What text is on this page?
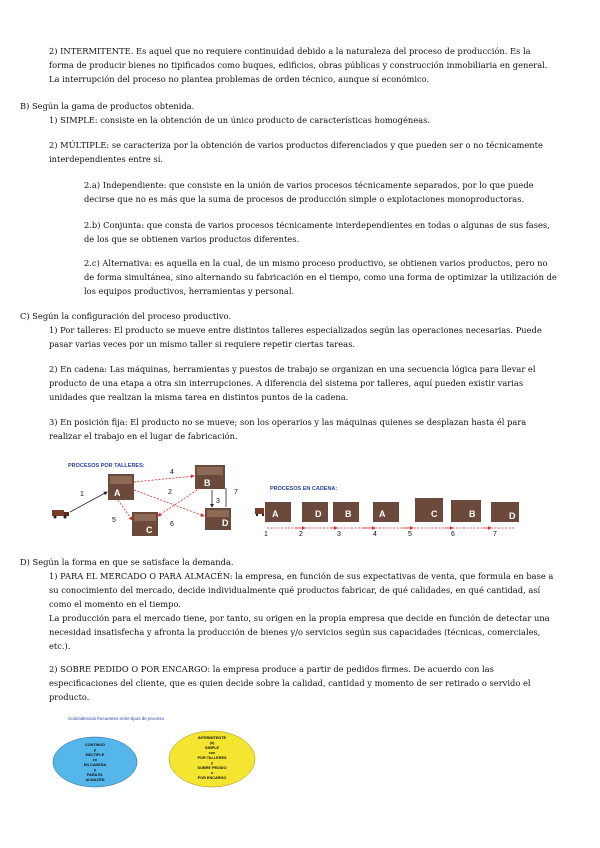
2) INTERMITENTE. Es aquel que no requiere continuidad debido a la naturaleza del proceso de producción. Es la
forma de producir bienes no tipificados como buques, edificios, obras públicas y construcción inmobiliaria en general.
La interrupción del proceso no plantea problemas de orden técnico, aunque sí económico.

B) Según la gama de productos obtenida.

1) SIMPLE: consiste en la obtención de un único producto de características homogéneas.

2) MÚLTIPLE: se caracteriza por la obtención de varios productos diferenciados y que pueden ser o no técnicamente
interdependientes entre sí.

2.a) Independiente: que consiste en la unión de varios procesos técnicamente separados, por lo que puede
decirse que no es más que la suma de procesos de producción simple o explotaciones monoproductoras.

2.b) Conjunta: que consta de varios procesos técnicamente interdependientes en todas o algunas de sus fases,
de los que se obtienen varios productos diferentes.

2.c) Alternativa: es aquella en la cual, de un mismo proceso productivo, se obtienen varios productos, pero no
de forma simultánea, sino alternando su fabricación en el tiempo, como una forma de optimizar la utilización de
los equipos productivos, herramientas y personal.

C) Según la configuración del proceso productivo.

1) Por talleres: El producto se mueve entre distintos talleres especializados según las operaciones necesarias. Puede
pasar varias veces por un mismo taller si requiere repetir ciertas tareas.

2) En cadena: Las máquinas, herramientas y puestos de trabajo se organizan en una secuencia lógica para llevar el
producto de una etapa a otra sin interrupciones. A diferencia del sistema por talleres, aquí pueden existir varias
unidades que realizan la misma tarea en distintos puntos de la cadena.

3) En posición fija: El producto no se mueve; son los operarios y las máquinas quienes se desplazan hasta él para
realizar el trabajo en el lugar de fabricación.

PROCESOS POR TALLERES:
A
B
C
D
1	2
3
4
5
6
7	PROCESOS EN CADENA:
A	D	B	A	C	B	D
1	2	3	4	5	6	7

D) Según la forma en que se satisface la demanda.

1) PARA EL MERCADO O PARA ALMACÉN: la empresa, en función de sus expectativas de venta, que formula en base a
su conocimiento del mercado, decide individualmente qué productos fabricar, de qué calidades, en qué cantidad, así
como el momento en el tiempo.
La producción para el mercado tiene, por tanto, su origen en la propia empresa que decide en función de detectar una
necesidad insatisfecha y afronta la producción de bienes y/o servicios según sus capacidades (técnicas, comerciales,
etc.).

2) SOBRE PEDIDO O POR ENCARGO: la empresa produce a partir de pedidos firmes. De acuerdo con las
especificaciones del cliente, que es quien decide sobre la calidad, cantidad y momento de ser retirado o servido el
producto.

Coincidencias frecuentes entre tipos de proceso
CONTINUO
y
MÚLTIPLE
en
EN CADENA
y
PARA EL
ALMACÉN
INTERMITENTE
(o)
SIMPLE
con
POR TALLERES
y
SOBRE PEDIDO
o
POR ENCARGO
